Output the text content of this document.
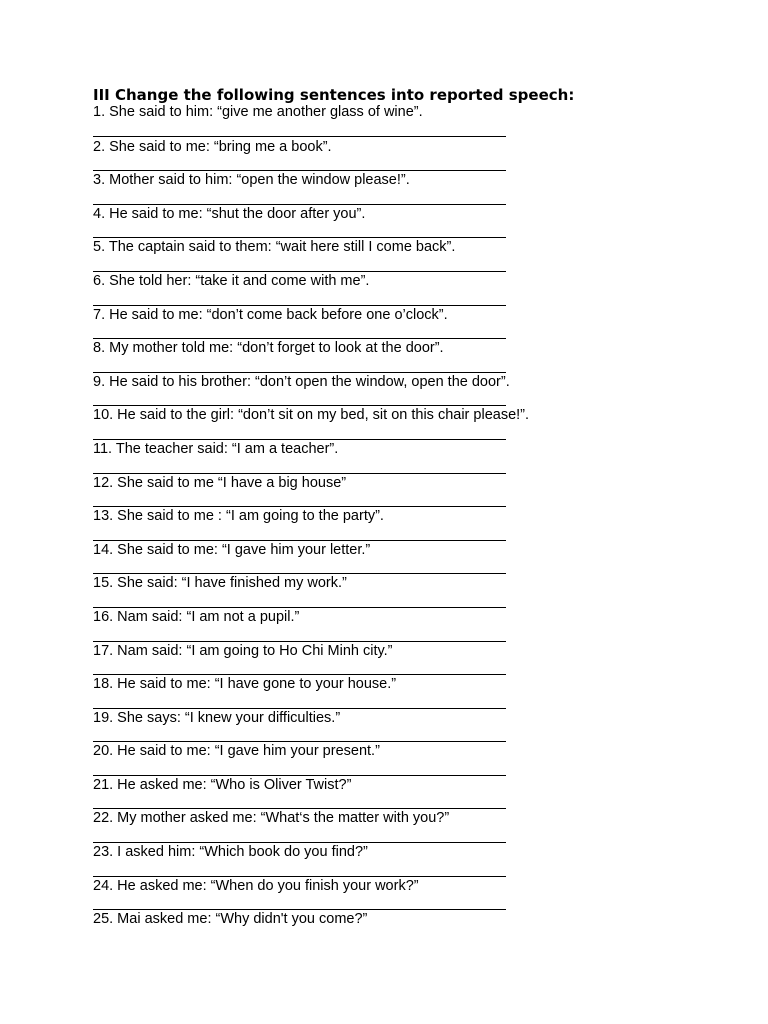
III Change the following sentences into reported speech:
1. She said to him: “give me another glass of wine”.
2. She said to me: “bring me a book”.
3. Mother said to him: “open the window please!”.
4. He said to me: “shut the door after you”.
5. The captain said to them: “wait here still I come back”.
6. She told her: “take it and come with me”.
7. He said to me: “don’t come back before one o’clock”.
8. My mother told me: “don’t forget to look at the door”.
9. He said to his brother: “don’t open the window, open the door”.
10. He said to the girl: “don’t sit on my bed, sit on this chair please!”.
11. The teacher said: “I am a teacher”.
12. She said to me “I have a big house”
13. She said to me : “I am going to the party”.
14. She said to me: “I gave him your letter.”
15. She said: “I have finished my work.”
16. Nam said: “I am not a pupil.”
17. Nam said: “I am going to Ho Chi Minh city.”
18. He said to me: “I have gone to your house.”
19. She says: “I knew your difficulties.”
20. He said to me: “I gave him your present.”
21. He asked me: “Who is Oliver Twist?”
22. My mother asked me: “What‘s the matter with you?”
23. I asked him: “Which book do you find?”
24. He asked me: “When do you finish your work?”
25. Mai asked me: “Why didn't you come?”
